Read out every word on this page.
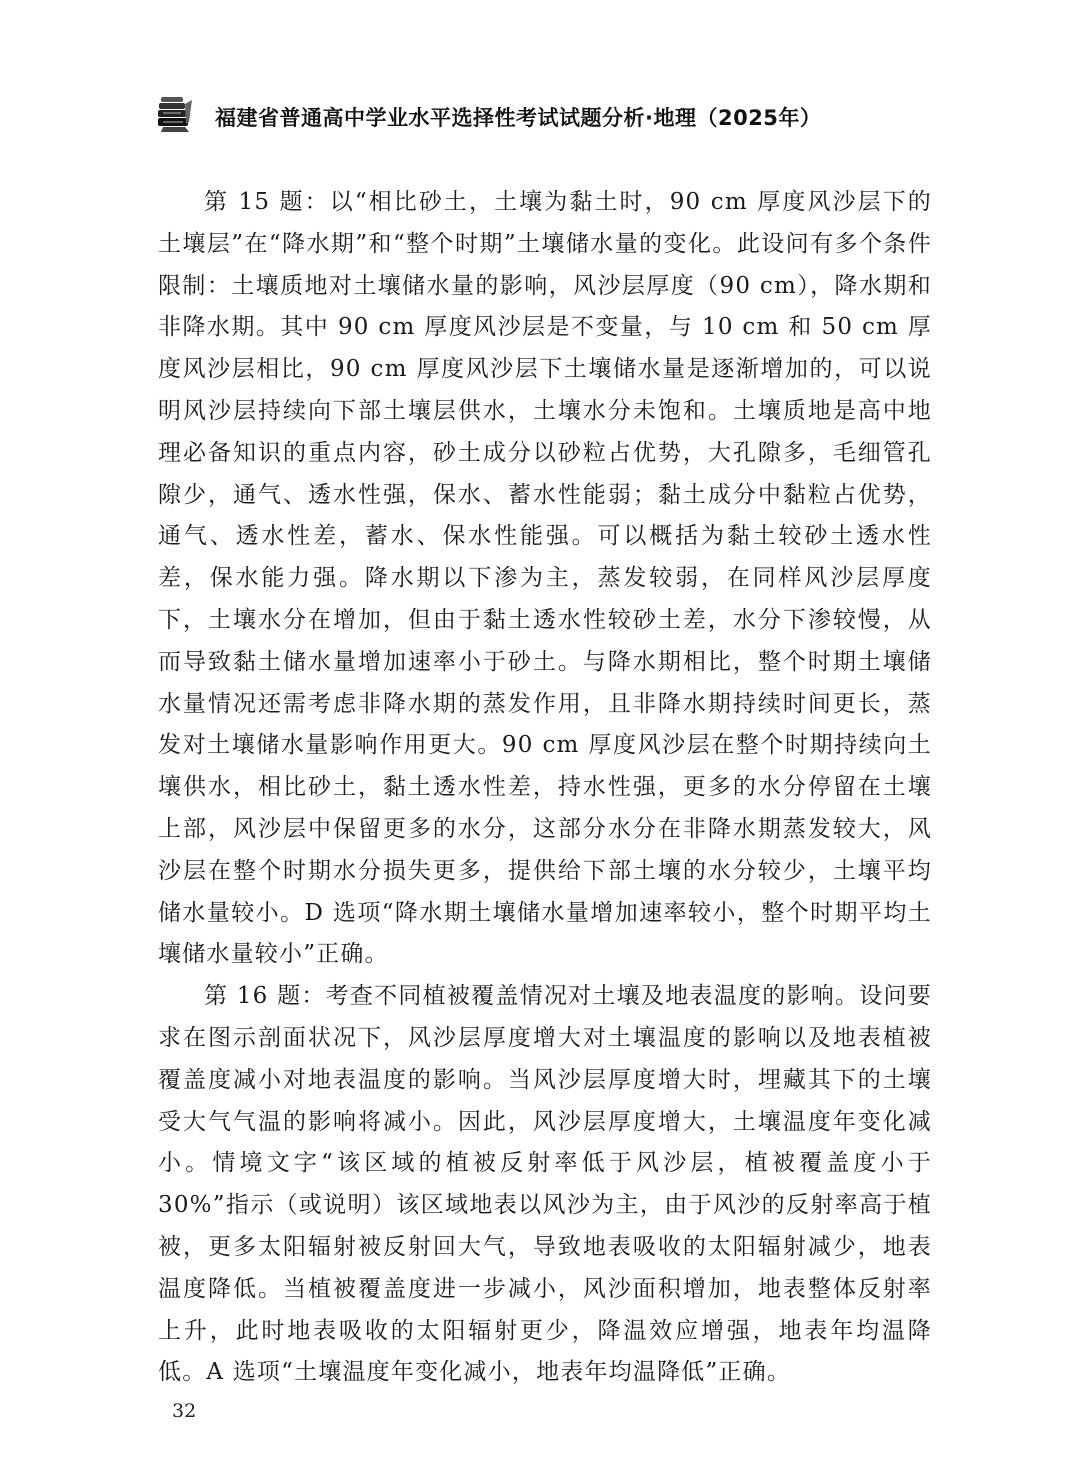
福建省普通高中学业水平选择性考试试题分析·地理（2025年）

第 15 题：以“相比砂土，土壤为黏土时，90 cm 厚度风沙层下的土壤层”在“降水期”和“整个时期”土壤储水量的变化。此设问有多个条件限制：土壤质地对土壤储水量的影响，风沙层厚度（90 cm），降水期和非降水期。其中 90 cm 厚度风沙层是不变量，与 10 cm 和 50 cm 厚度风沙层相比，90 cm 厚度风沙层下土壤储水量是逐渐增加的，可以说明风沙层持续向下部土壤层供水，土壤水分未饱和。土壤质地是高中地理必备知识的重点内容，砂土成分以砂粒占优势，大孔隙多，毛细管孔隙少，通气、透水性强，保水、蓄水性能弱；黏土成分中黏粒占优势，通气、透水性差，蓄水、保水性能强。可以概括为黏土较砂土透水性差，保水能力强。降水期以下渗为主，蒸发较弱，在同样风沙层厚度下，土壤水分在增加，但由于黏土透水性较砂土差，水分下渗较慢，从而导致黏土储水量增加速率小于砂土。与降水期相比，整个时期土壤储水量情况还需考虑非降水期的蒸发作用，且非降水期持续时间更长，蒸发对土壤储水量影响作用更大。90 cm 厚度风沙层在整个时期持续向土壤供水，相比砂土，黏土透水性差，持水性强，更多的水分停留在土壤上部，风沙层中保留更多的水分，这部分水分在非降水期蒸发较大，风沙层在整个时期水分损失更多，提供给下部土壤的水分较少，土壤平均储水量较小。D 选项“降水期土壤储水量增加速率较小，整个时期平均土壤储水量较小”正确。

第 16 题：考查不同植被覆盖情况对土壤及地表温度的影响。设问要求在图示剖面状况下，风沙层厚度增大对土壤温度的影响以及地表植被覆盖度减小对地表温度的影响。当风沙层厚度增大时，埋藏其下的土壤受大气气温的影响将减小。因此，风沙层厚度增大，土壤温度年变化减小。情境文字“该区域的植被反射率低于风沙层，植被覆盖度小于 30%”指示（或说明）该区域地表以风沙为主，由于风沙的反射率高于植被，更多太阳辐射被反射回大气，导致地表吸收的太阳辐射减少，地表温度降低。当植被覆盖度进一步减小，风沙面积增加，地表整体反射率上升，此时地表吸收的太阳辐射更少，降温效应增强，地表年均温降低。A 选项“土壤温度年变化减小，地表年均温降低”正确。

32
